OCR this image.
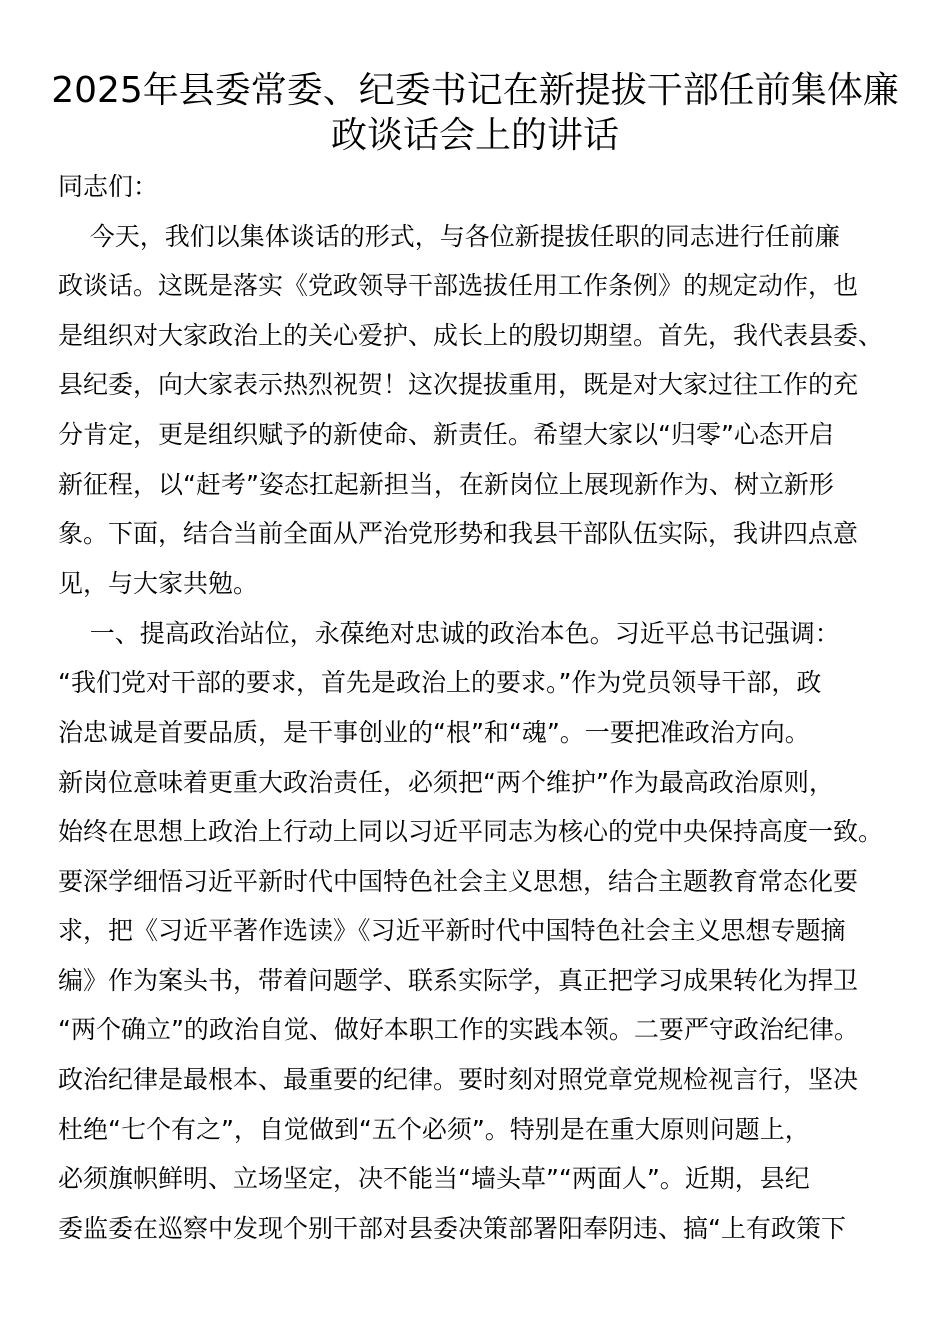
2025年县委常委、纪委书记在新提拔干部任前集体廉
政谈话会上的讲话
同志们：
今天，我们以集体谈话的形式，与各位新提拔任职的同志进行任前廉
政谈话。这既是落实《党政领导干部选拔任用工作条例》的规定动作，也
是组织对大家政治上的关心爱护、成长上的殷切期望。首先，我代表县委、
县纪委，向大家表示热烈祝贺！这次提拔重用，既是对大家过往工作的充
分肯定，更是组织赋予的新使命、新责任。希望大家以“归零”心态开启
新征程，以“赶考”姿态扛起新担当，在新岗位上展现新作为、树立新形
象。下面，结合当前全面从严治党形势和我县干部队伍实际，我讲四点意
见，与大家共勉。
一、提高政治站位，永葆绝对忠诚的政治本色。习近平总书记强调：
“我们党对干部的要求，首先是政治上的要求。”作为党员领导干部，政
治忠诚是首要品质，是干事创业的“根”和“魂”。一要把准政治方向。
新岗位意味着更重大政治责任，必须把“两个维护”作为最高政治原则，
始终在思想上政治上行动上同以习近平同志为核心的党中央保持高度一致。
要深学细悟习近平新时代中国特色社会主义思想，结合主题教育常态化要
求，把《习近平著作选读》《习近平新时代中国特色社会主义思想专题摘
编》作为案头书，带着问题学、联系实际学，真正把学习成果转化为捍卫
“两个确立”的政治自觉、做好本职工作的实践本领。二要严守政治纪律。
政治纪律是最根本、最重要的纪律。要时刻对照党章党规检视言行，坚决
杜绝“七个有之”，自觉做到“五个必须”。特别是在重大原则问题上，
必须旗帜鲜明、立场坚定，决不能当“墙头草”“两面人”。近期，县纪
委监委在巡察中发现个别干部对县委决策部署阳奉阴违、搞“上有政策下
